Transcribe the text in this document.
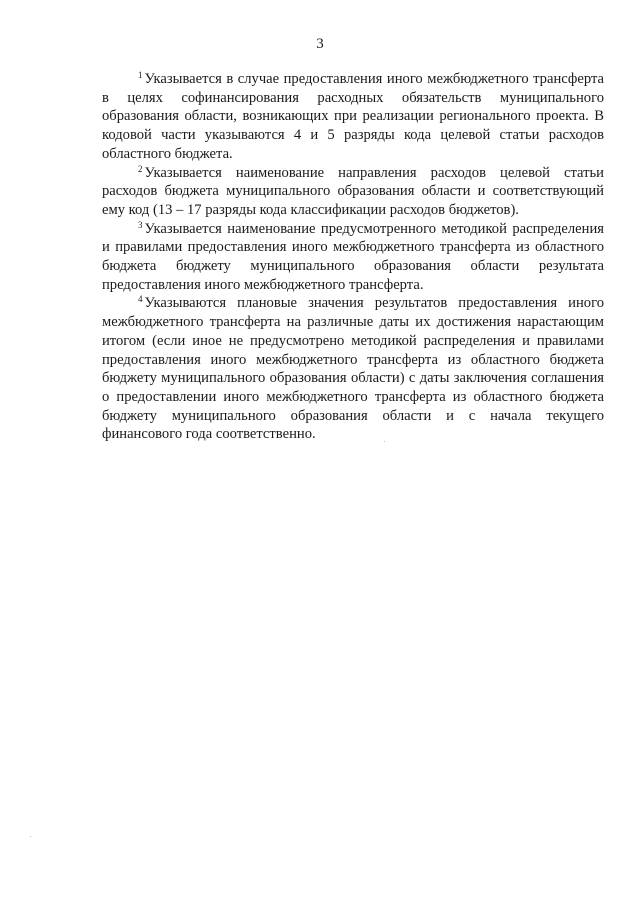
3

$^1$ Указывается в случае предоставления иного межбюджетного трансферта в целях софинансирования расходных обязательств муниципального образования области, возникающих при реализации регионального проекта. В кодовой части указываются 4 и 5 разряды кода целевой статьи расходов областного бюджета.

$^2$ Указывается наименование направления расходов целевой статьи расходов бюджета муниципального образования области и соответствующий ему код (13 – 17 разряды кода классификации расходов бюджетов).

$^3$ Указывается наименование предусмотренного методикой распределения и правилами предоставления иного межбюджетного трансферта из областного бюджета бюджету муниципального образования области результата предоставления иного межбюджетного трансферта.

$^4$ Указываются плановые значения результатов предоставления иного межбюджетного трансферта на различные даты их достижения нарастающим итогом (если иное не предусмотрено методикой распределения и правилами предоставления иного межбюджетного трансферта из областного бюджета бюджету муниципального образования области) с даты заключения соглашения о предоставлении иного межбюджетного трансферта из областного бюджета бюджету муниципального образования области и с начала текущего финансового года соответственно.
